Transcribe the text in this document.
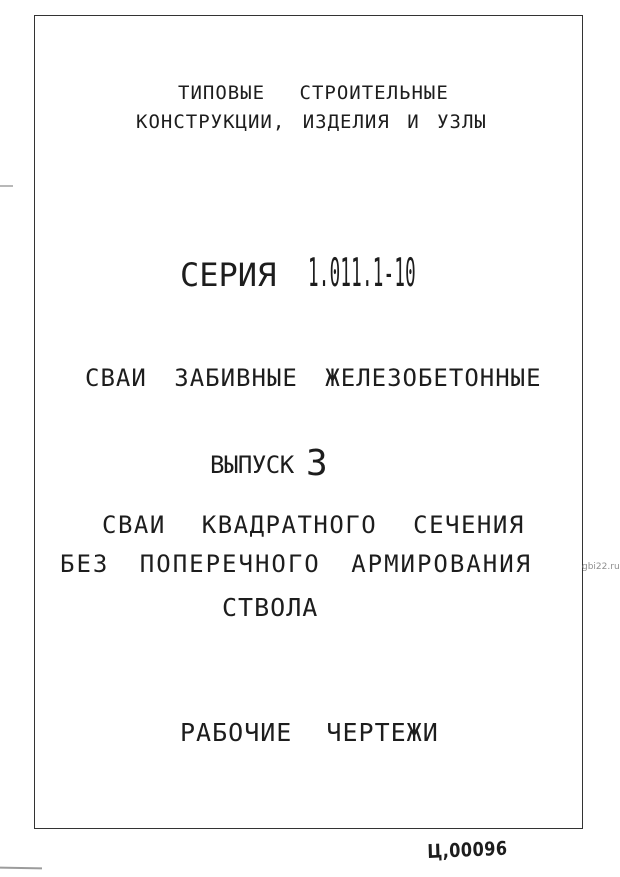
ТИПОВЫЕ СТРОИТЕЛЬНЫЕ
КОНСТРУКЦИИ, ИЗДЕЛИЯ И УЗЛЫ
СЕРИЯ 1.011.1-10
СВАИ ЗАБИВНЫЕ ЖЕЛЕЗОБЕТОННЫЕ
ВЫПУСК 3
СВАИ КВАДРАТНОГО СЕЧЕНИЯ
БЕЗ ПОПЕРЕЧНОГО АРМИРОВАНИЯ
СТВОЛА
РАБОЧИЕ ЧЕРТЕЖИ
Ц,00096
gbi22.ru
